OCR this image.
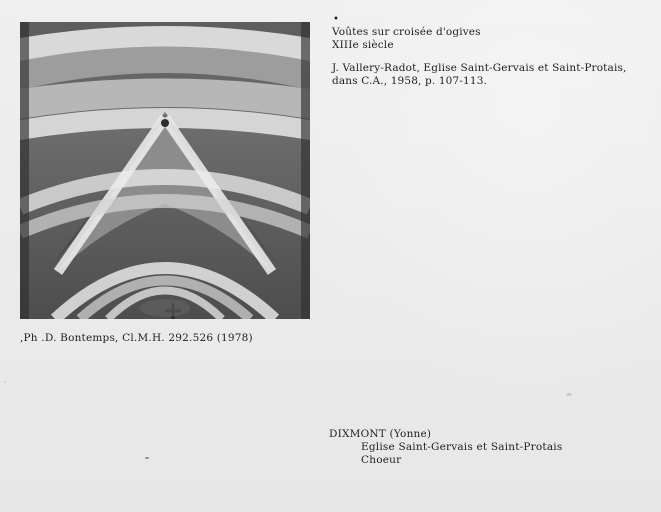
•
Voûtes sur croisée d'ogives
XIIIe siècle
J. Vallery-Radot, Eglise Saint-Gervais et Saint-Protais,
dans C.A., 1958, p. 107-113.
,Ph .D. Bontemps, Cl.M.H. 292.526 (1978)
DIXMONT (Yonne)
Eglise Saint-Gervais et Saint-Protais
Choeur
